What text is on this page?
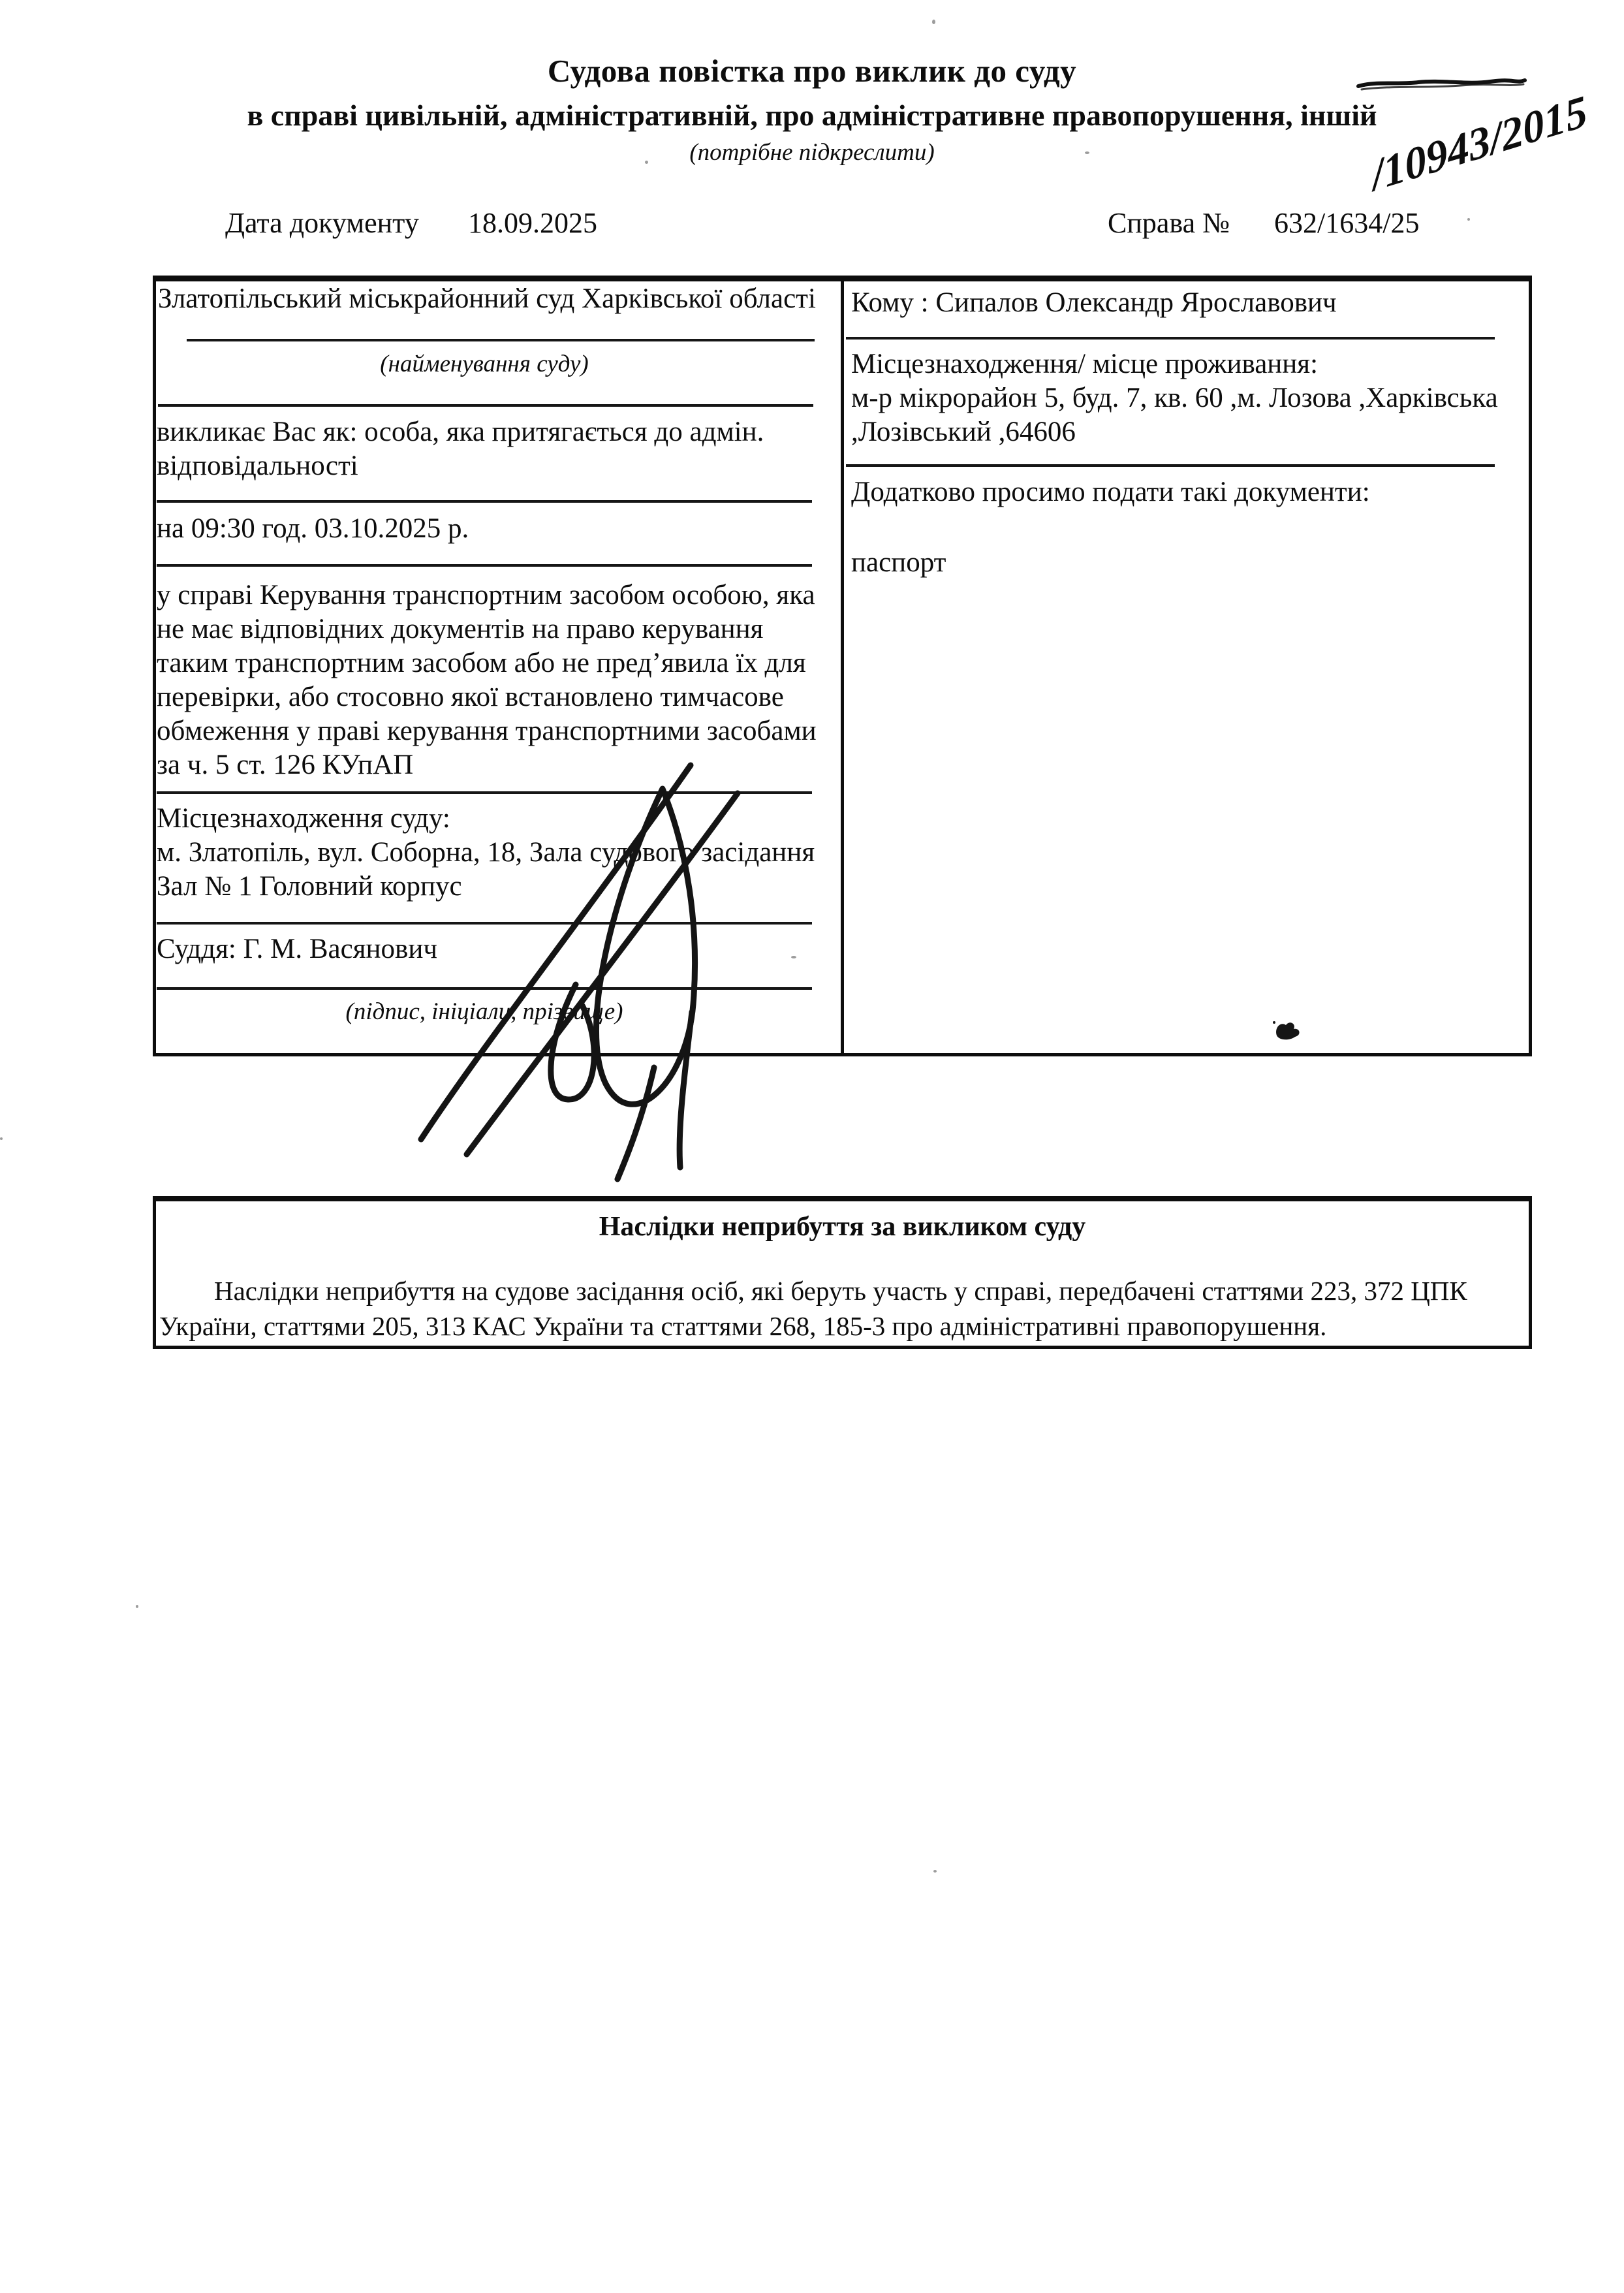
Судова повістка про виклик до суду
в справі цивільній, адміністративній, про адміністративне правопорушення, іншій
(потрібне підкреслити)
Дата документу 18.09.2025	Справа № 632/1634/25
/10943/2015
Златопільський міськрайонний суд Харківської області
(найменування суду)
викликає Вас як: особа, яка притягається до адмін. відповідальності
на 09:30 год. 03.10.2025 р.
у справі Керування транспортним засобом особою, яка не має відповідних документів на право керування таким транспортним засобом або не пред’явила їх для перевірки, або стосовно якої встановлено тимчасове обмеження у праві керування транспортними засобами за ч. 5 ст. 126 КУпАП
Місцезнаходження суду:
м. Златопіль, вул. Соборна, 18, Зала судового засідання Зал № 1 Головний корпус
Суддя: Г. М. Васянович
(підпис, ініціали, прізвище)
Кому : Сипалов Олександр Ярославович
Місцезнаходження/ місце проживання:
м-р мікрорайон 5, буд. 7, кв. 60 ,м. Лозова ,Харківська ,Лозівський ,64606
Додатково просимо подати такі документи:
паспорт
Наслідки неприбуття за викликом суду
Наслідки неприбуття на судове засідання осіб, які беруть участь у справі, передбачені статтями 223, 372 ЦПК України, статтями 205, 313 КАС України та статтями 268, 185-3 про адміністративні правопорушення.
